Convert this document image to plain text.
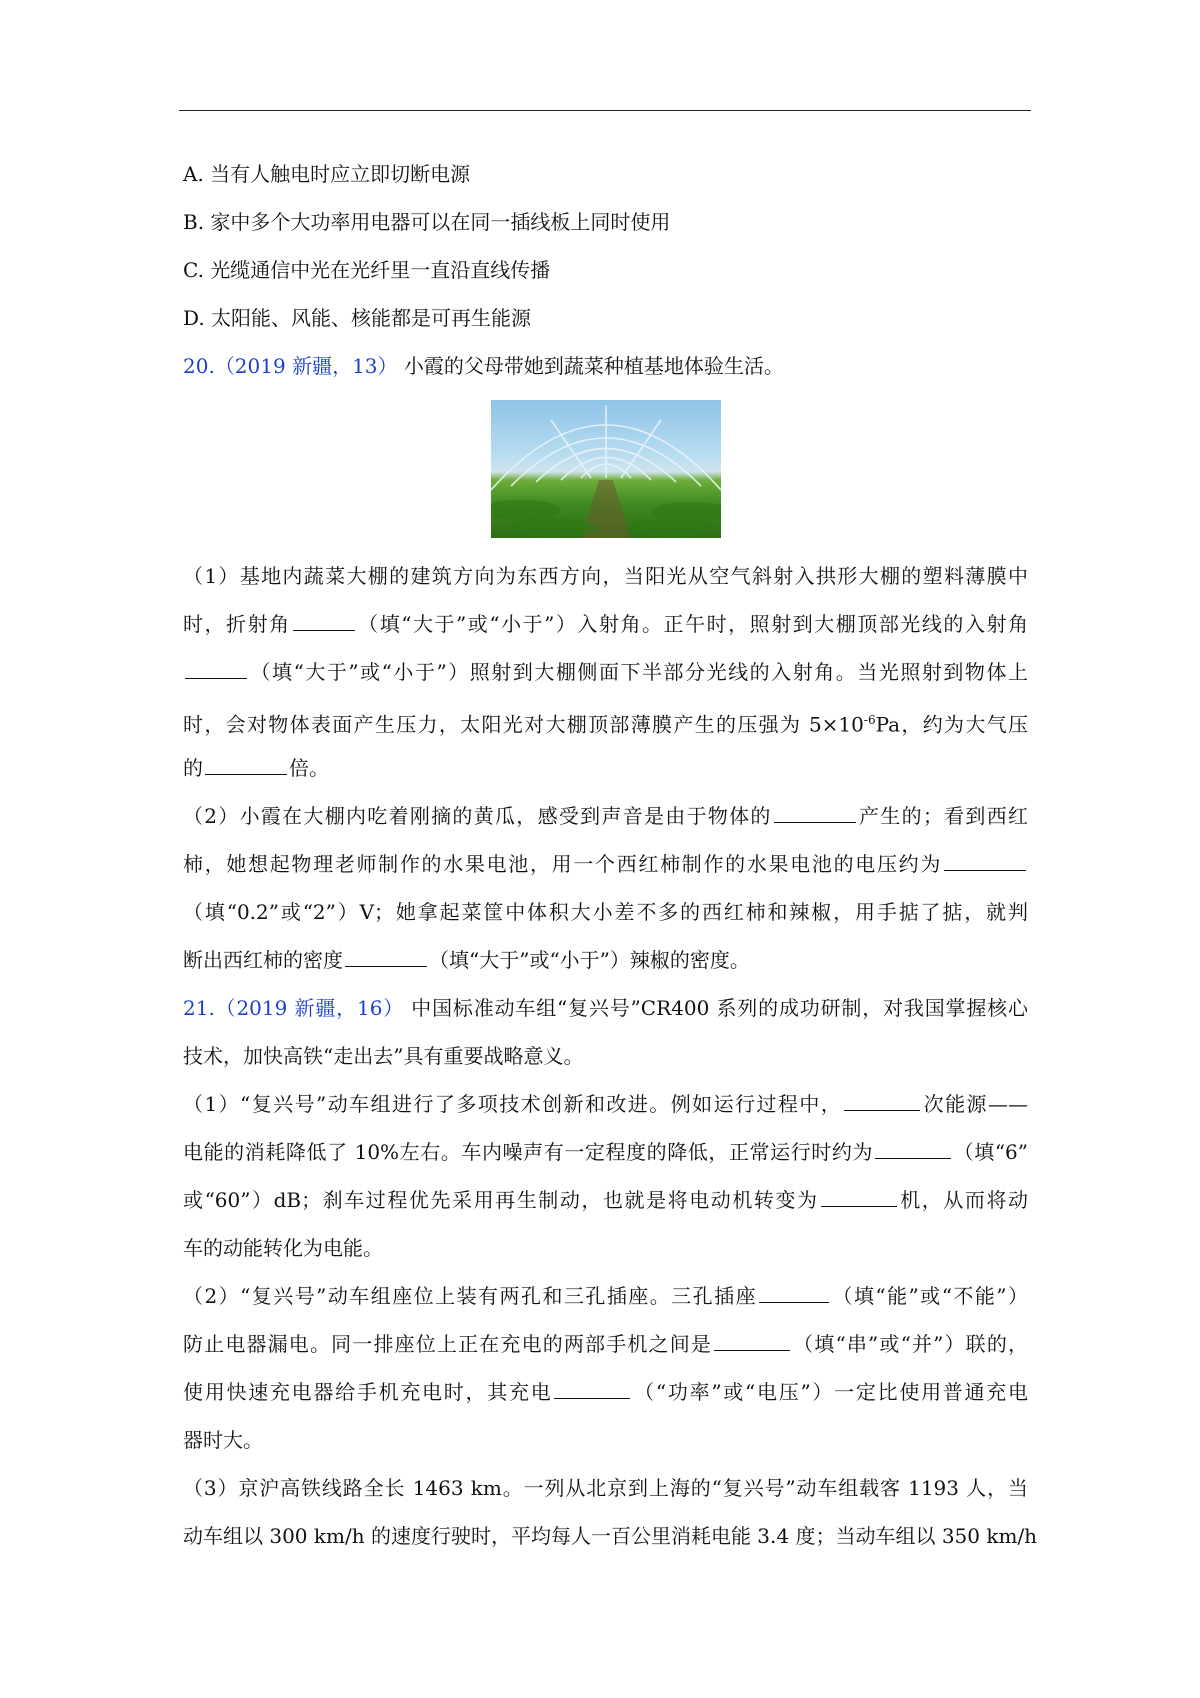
A. 当有人触电时应立即切断电源
B. 家中多个大功率用电器可以在同一插线板上同时使用
C. 光缆通信中光在光纤里一直沿直线传播
D. 太阳能、风能、核能都是可再生能源
20.（2019 新疆，13） 小霞的父母带她到蔬菜种植基地体验生活。
（1）基地内蔬菜大棚的建筑方向为东西方向，当阳光从空气斜射入拱形大棚的塑料薄膜中
时，折射角	（填“大于”或“小于”）入射角。正午时，照射到大棚顶部光线的入射角
（填“大于”或“小于”）照射到大棚侧面下半部分光线的入射角。当光照射到物体上
时，会对物体表面产生压力，太阳光对大棚顶部薄膜产生的压强为 $5\times 10^{-6}Pa$，约为大气压
的	倍。
（2）小霞在大棚内吃着刚摘的黄瓜，感受到声音是由于物体的	产生的；看到西红
柿，她想起物理老师制作的水果电池，用一个西红柿制作的水果电池的电压约为
（填“0.2”或“2”）V；她拿起菜筐中体积大小差不多的西红柿和辣椒，用手掂了掂，就判
断出西红柿的密度	（填“大于”或“小于”）辣椒的密度。
21.（2019 新疆，16） 中国标准动车组“复兴号”CR400 系列的成功研制，对我国掌握核心
技术，加快高铁“走出去”具有重要战略意义。
（1）“复兴号”动车组进行了多项技术创新和改进。例如运行过程中，	次能源——
电能的消耗降低了 10%左右。车内噪声有一定程度的降低，正常运行时约为	（填“6”
或“60”）dB；刹车过程优先采用再生制动，也就是将电动机转变为	机，从而将动
车的动能转化为电能。
（2）“复兴号”动车组座位上装有两孔和三孔插座。三孔插座	（填“能”或“不能”）
防止电器漏电。同一排座位上正在充电的两部手机之间是	（填“串”或“并”）联的，
使用快速充电器给手机充电时，其充电	（“功率”或“电压”）一定比使用普通充电
器时大。
（3）京沪高铁线路全长 1463 km。一列从北京到上海的“复兴号”动车组载客 1193 人，当
动车组以 300 km/h 的速度行驶时，平均每人一百公里消耗电能 3.4 度；当动车组以 350 km/h
